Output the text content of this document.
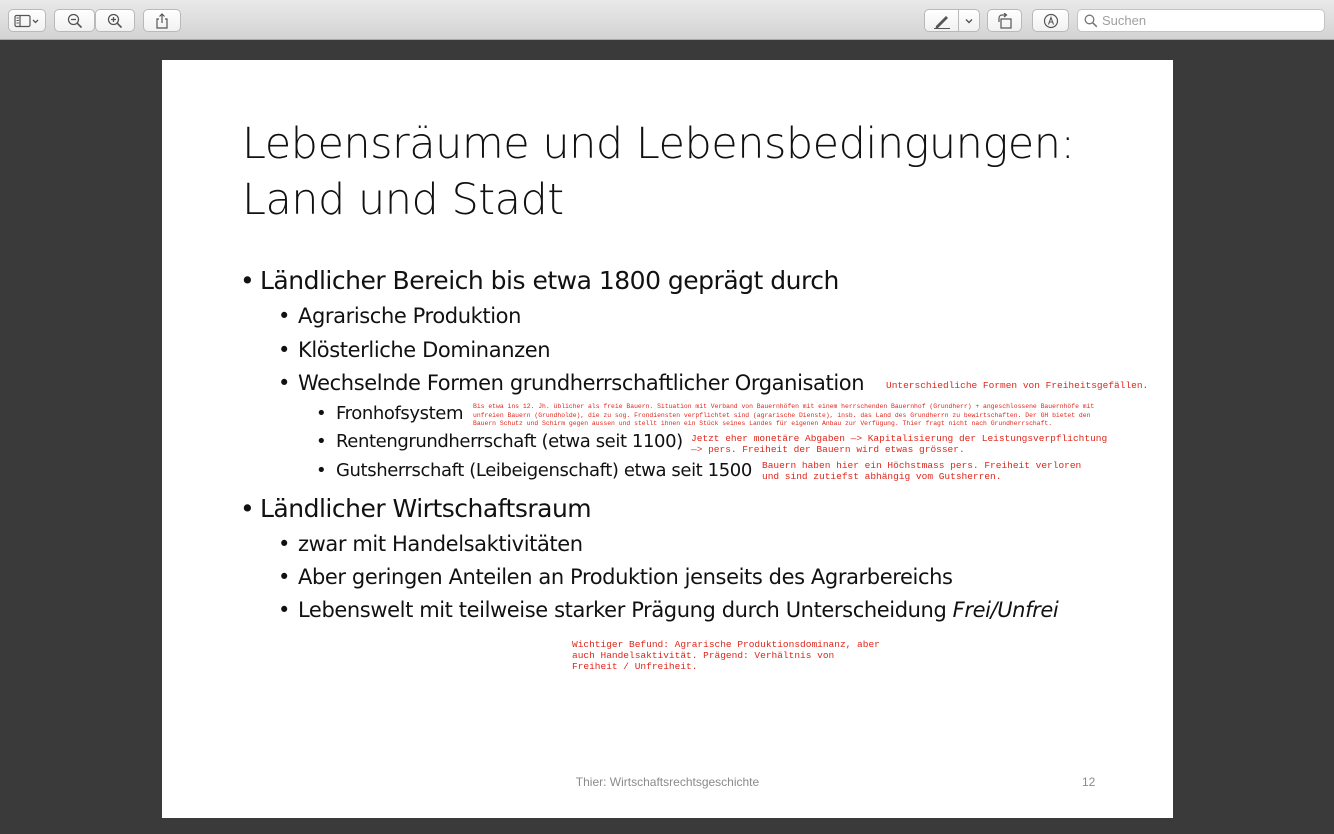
Suchen
Lebensräume und Lebensbedingungen:
Land und Stadt
• Ländlicher Bereich bis etwa 1800 geprägt durch
• Agrarische Produktion
• Klösterliche Dominanzen
• Wechselnde Formen grundherrschaftlicher Organisation
• Fronhofsystem
• Rentengrundherrschaft (etwa seit 1100)
• Gutsherrschaft (Leibeigenschaft) etwa seit 1500
• Ländlicher Wirtschaftsraum
• zwar mit Handelsaktivitäten
• Aber geringen Anteilen an Produktion jenseits des Agrarbereichs
• Lebenswelt mit teilweise starker Prägung durch Unterscheidung Frei/Unfrei
Unterschiedliche Formen von Freiheitsgefällen.
Bis etwa ins 12. Jh. üblicher als freie Bauern. Situation mit Verband von Bauernhöfen mit einem herrschenden Bauernhof (Grundherr) + angeschlossene Bauernhöfe mit
unfreien Bauern (Grundholde), die zu sog. Frondiensten verpflichtet sind (agrarische Dienste), insb. das Land des Grundherrn zu bewirtschaften. Der GH bietet den
Bauern Schutz und Schirm gegen aussen und stellt ihnen ein Stück seines Landes für eigenen Anbau zur Verfügung. Thier fragt nicht nach Grundherrschaft.
Jetzt eher monetäre Abgaben —> Kapitalisierung der Leistungsverpflichtung
—> pers. Freiheit der Bauern wird etwas grösser.
Bauern haben hier ein Höchstmass pers. Freiheit verloren
und sind zutiefst abhängig vom Gutsherren.
Wichtiger Befund: Agrarische Produktionsdominanz, aber
auch Handelsaktivität. Prägend: Verhältnis von
Freiheit / Unfreiheit.
Thier: Wirtschaftsrechtsgeschichte	12
